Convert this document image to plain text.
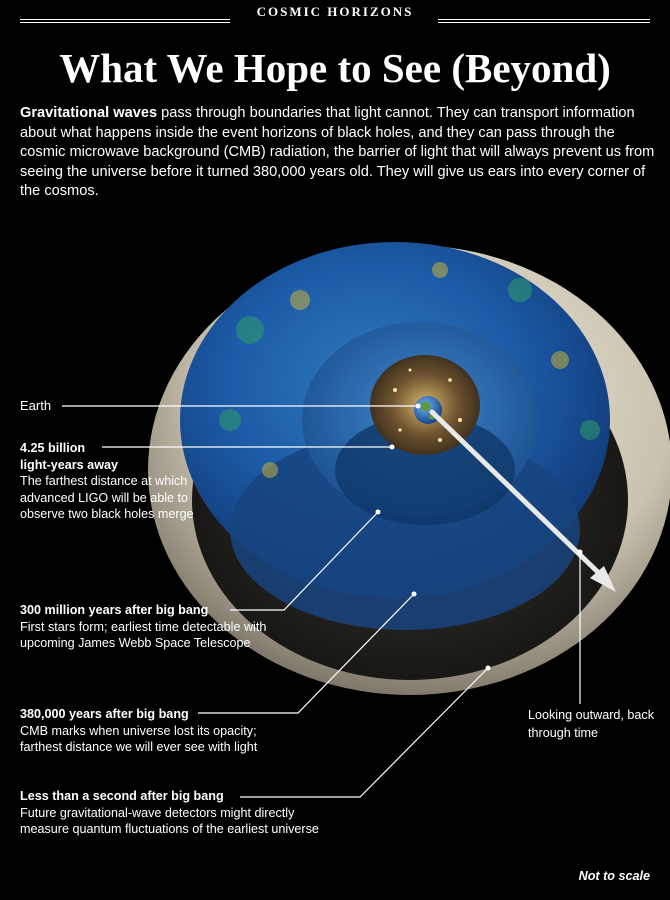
COSMIC HORIZONS
What We Hope to See (Beyond)
Gravitational waves pass through boundaries that light cannot. They can transport information about what happens inside the event horizons of black holes, and they can pass through the cosmic microwave background (CMB) radiation, the barrier of light that will always prevent us from seeing the universe before it turned 380,000 years old. They will give us ears into every corner of the cosmos.
Earth
4.25 billion
light-years away
The farthest distance at which advanced LIGO will be able to observe two black holes merge
300 million years after big bang
First stars form; earliest time detectable with upcoming James Webb Space Telescope
380,000 years after big bang
CMB marks when universe lost its opacity; farthest distance we will ever see with light
Less than a second after big bang
Future gravitational-wave detectors might directly measure quantum fluctuations of the earliest universe
Looking outward, back through time
Not to scale
